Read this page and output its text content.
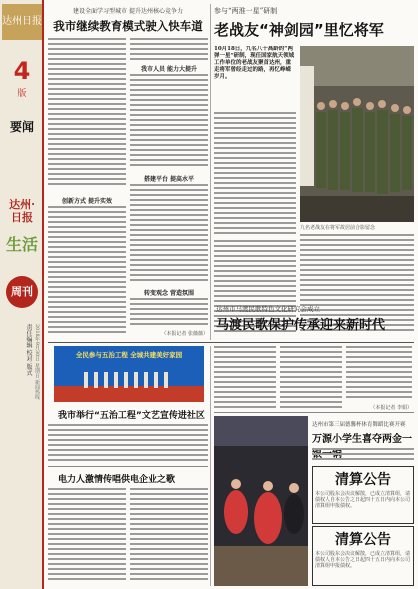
达州日报
4
版
要闻
达州·日报
生活
周刊
责任编辑 校对 版式 2018年9月30日 星期日 新闻热线
建设全面学习型城市 提升达州核心竞争力
我市继续教育模式驶入快车道
我市人员 能力大提升
创新方式 提升实效
搭建平台 提高水平
转变观念 营造氛围
（本报记者 张薇薇）
参与“两淮一星”研制
老战友“神剑园”里忆将军
10月18日，九名八十高龄的“两弹一星”研制，现任国家航天领域工作单位的老战友聚首达州，重走将军曾经走过的路，再忆峥嵘岁月。
九名老战友在将军故居前合影留念
全民参与五治工程 全城共建美好家园
我市举行“五治工程”文艺宣传进社区
电力人激情传唱供电企业之歌
达州市马渡民歌特色文化研究会成立
马渡民歌保护传承迎来新时代
（本报记者 李娟）
达州市第三届德馨杯体育舞蹈比赛开赛
万源小学生喜夺两金一
清算公告
本公司股东会决议解散，已成立清算组，请债权人自本公告之日起四十五日内向本公司清算组申报债权。
清算公告
本公司股东会决议解散，已成立清算组，请债权人自本公告之日起四十五日内向本公司清算组申报债权。
